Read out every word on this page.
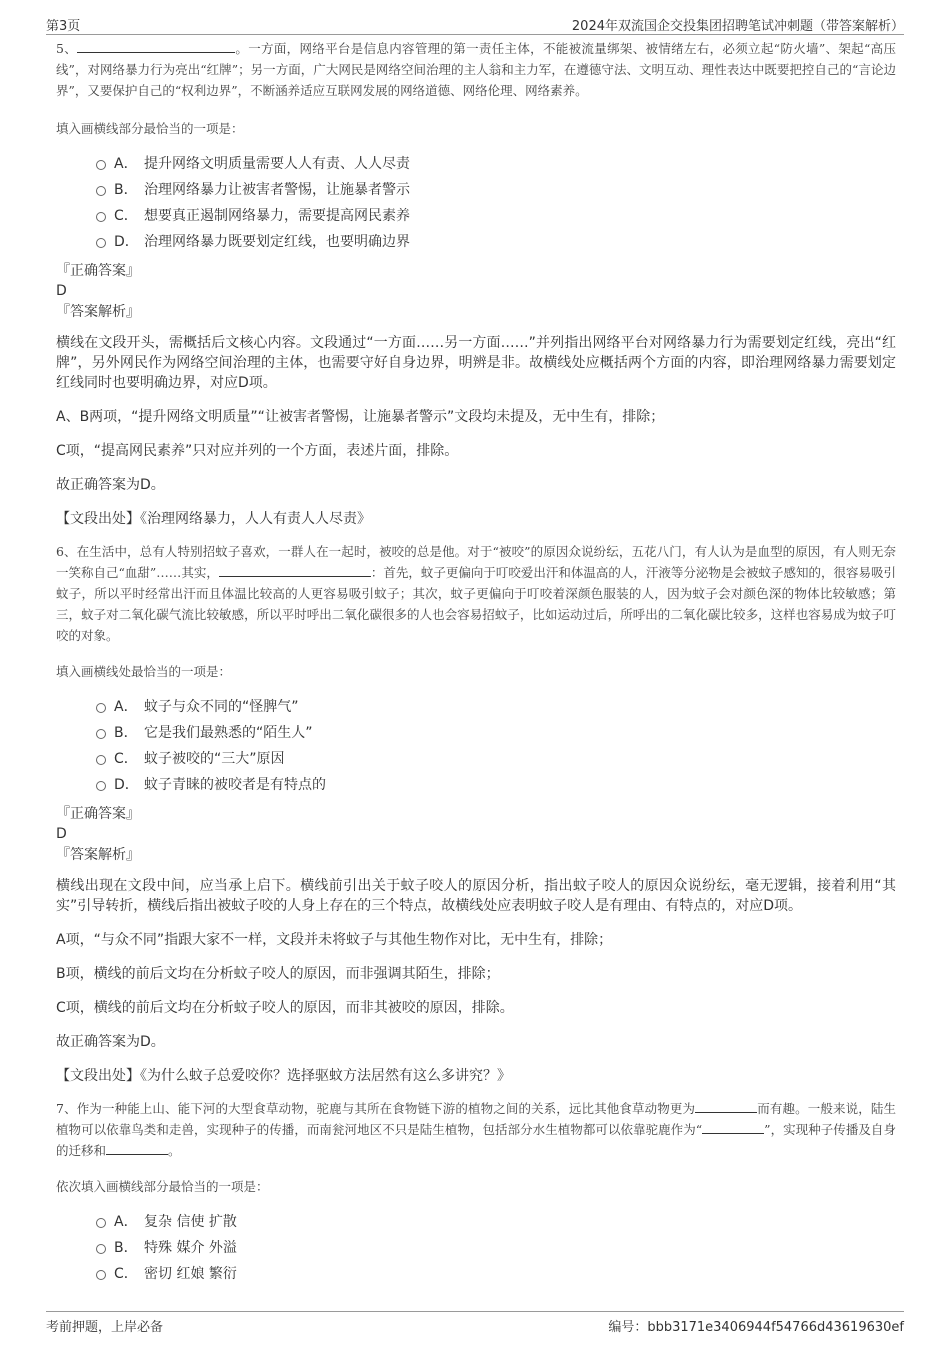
第3页	2024年双流国企交投集团招聘笔试冲刺题（带答案解析）

5、	。一方面，网络平台是信息内容管理的第一责任主体，不能被流量绑架、被情绪左右，必须立起“防火墙”、架起“高压线”，对网络暴力行为亮出“红牌”；另一方面，广大网民是网络空间治理的主人翁和主力军，在遵德守法、文明互动、理性表达中既要把控自己的“言论边界”，又要保护自己的“权利边界”，不断涵养适应互联网发展的网络道德、网络伦理、网络素养。

填入画横线部分最恰当的一项是：

A． 提升网络文明质量需要人人有责、人人尽责
B． 治理网络暴力让被害者警惕，让施暴者警示
C． 想要真正遏制网络暴力，需要提高网民素养
D． 治理网络暴力既要划定红线，也要明确边界

『正确答案』

D

『答案解析』

横线在文段开头，需概括后文核心内容。文段通过“一方面……另一方面……”并列指出网络平台对网络暴力行为需要划定红线，亮出“红牌”，另外网民作为网络空间治理的主体，也需要守好自身边界，明辨是非。故横线处应概括两个方面的内容，即治理网络暴力需要划定红线同时也要明确边界，对应D项。

A、B两项，“提升网络文明质量”“让被害者警惕，让施暴者警示”文段均未提及，无中生有，排除；

C项，“提高网民素养”只对应并列的一个方面，表述片面，排除。

故正确答案为D。

【文段出处】《治理网络暴力，人人有责人人尽责》

6、在生活中，总有人特别招蚊子喜欢，一群人在一起时，被咬的总是他。对于“被咬”的原因众说纷纭，五花八门，有人认为是血型的原因，有人则无奈一笑称自己“血甜”……其实，	：首先，蚊子更偏向于叮咬爱出汗和体温高的人，汗液等分泌物是会被蚊子感知的，很容易吸引蚊子，所以平时经常出汗而且体温比较高的人更容易吸引蚊子；其次，蚊子更偏向于叮咬着深颜色服装的人，因为蚊子会对颜色深的物体比较敏感；第三，蚊子对二氧化碳气流比较敏感，所以平时呼出二氧化碳很多的人也会容易招蚊子，比如运动过后，所呼出的二氧化碳比较多，这样也容易成为蚊子叮咬的对象。

填入画横线处最恰当的一项是：

A． 蚊子与众不同的“怪脾气”
B． 它是我们最熟悉的“陌生人”
C． 蚊子被咬的“三大”原因
D． 蚊子青睐的被咬者是有特点的

『正确答案』

D

『答案解析』

横线出现在文段中间，应当承上启下。横线前引出关于蚊子咬人的原因分析，指出蚊子咬人的原因众说纷纭，毫无逻辑，接着利用“其实”引导转折，横线后指出被蚊子咬的人身上存在的三个特点，故横线处应表明蚊子咬人是有理由、有特点的，对应D项。

A项，“与众不同”指跟大家不一样，文段并未将蚊子与其他生物作对比，无中生有，排除；

B项，横线的前后文均在分析蚊子咬人的原因，而非强调其陌生，排除；

C项，横线的前后文均在分析蚊子咬人的原因，而非其被咬的原因，排除。

故正确答案为D。

【文段出处】《为什么蚊子总爱咬你？选择驱蚊方法居然有这么多讲究？》

7、作为一种能上山、能下河的大型食草动物，驼鹿与其所在食物链下游的植物之间的关系，远比其他食草动物更为	而有趣。一般来说，陆生植物可以依靠鸟类和走兽，实现种子的传播，而南瓮河地区不只是陆生植物，包括部分水生植物都可以依靠驼鹿作为“	”，实现种子传播及自身的迁移和	。

依次填入画横线部分最恰当的一项是：

A． 复杂 信使 扩散
B． 特殊 媒介 外溢
C． 密切 红娘 繁衍
考前押题，上岸必备	编号：bbb3171e3406944f54766d43619630ef
